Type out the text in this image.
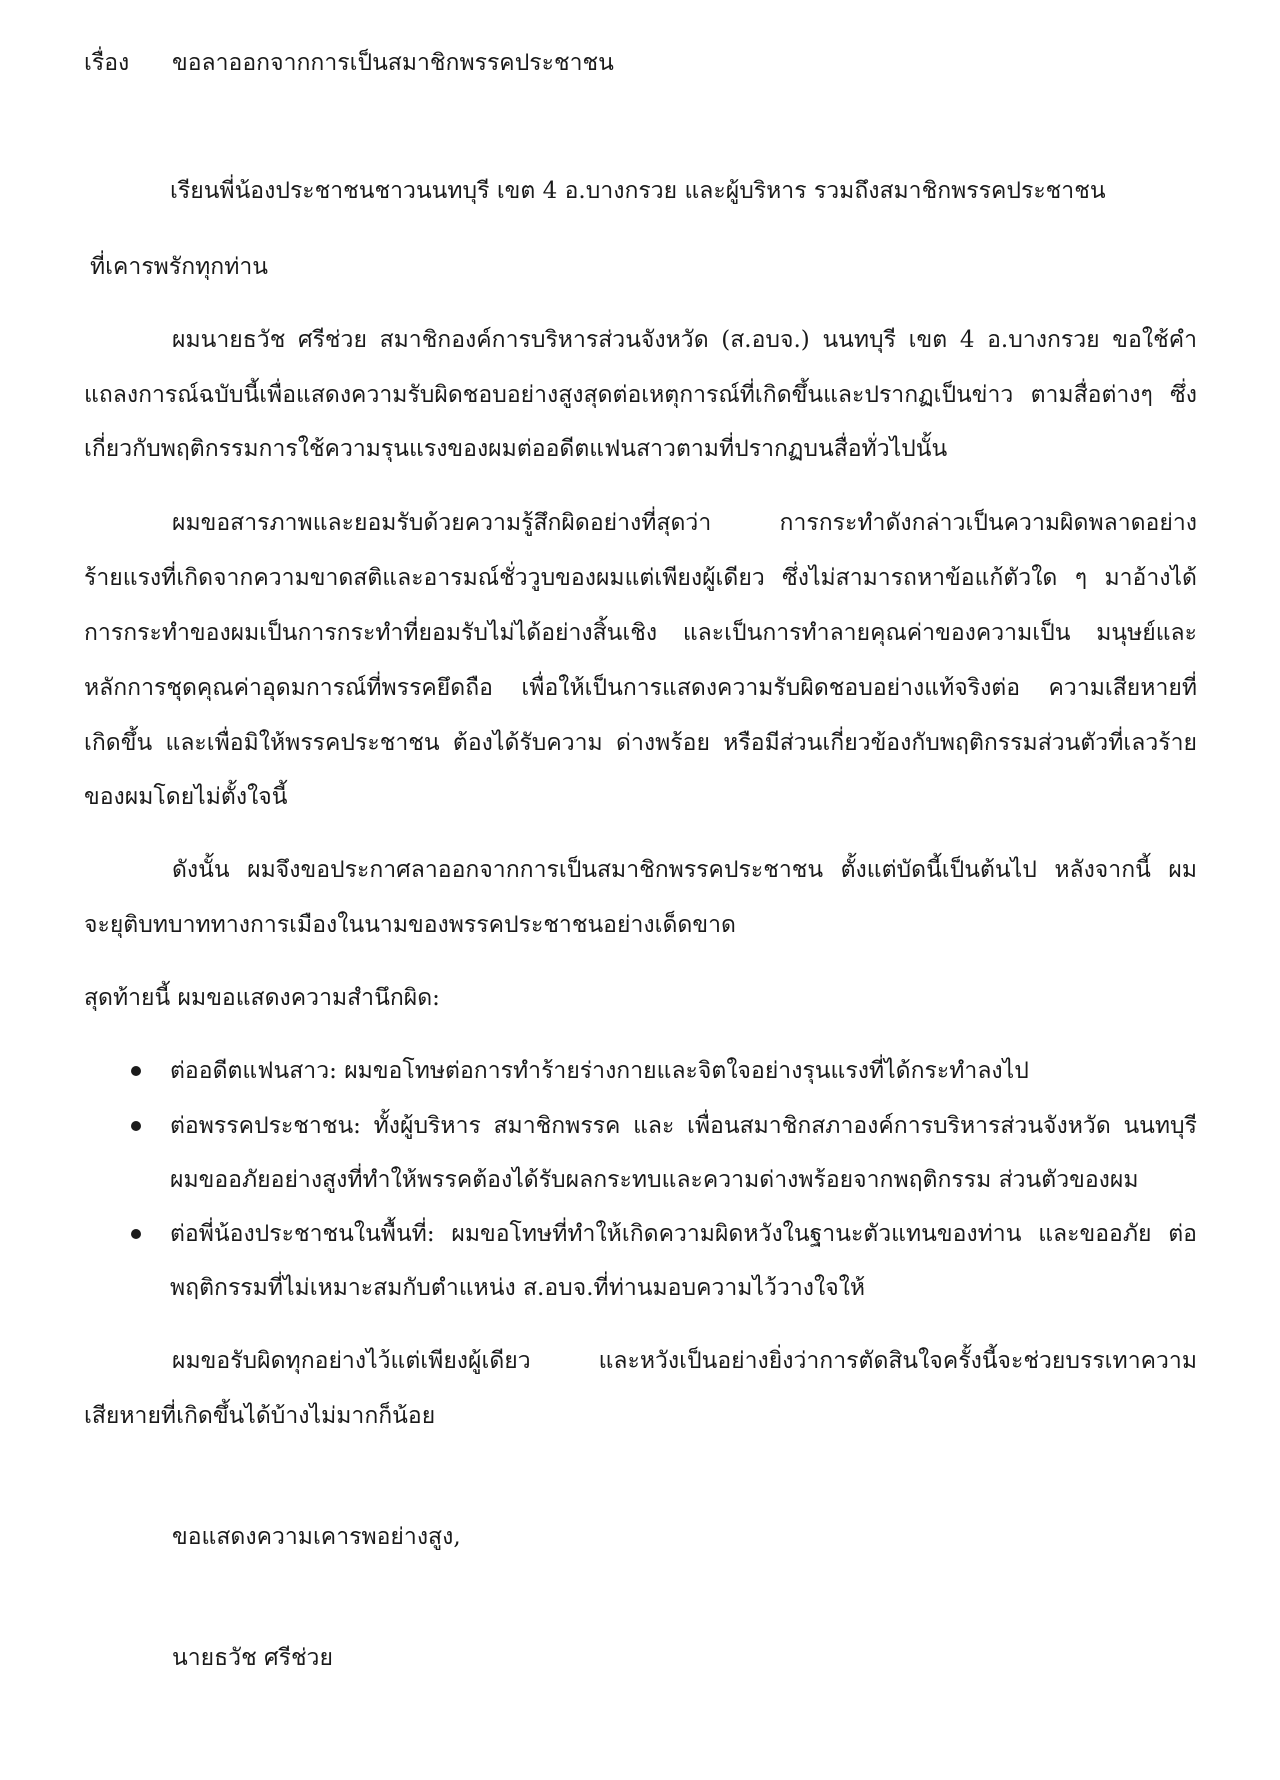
เรื่อง ขอลาออกจากการเป็นสมาชิกพรรคประชาชน
เรียนพี่น้องประชาชนชาวนนทบุรี เขต 4 อ.บางกรวย และผู้บริหาร รวมถึงสมาชิกพรรคประชาชน
ที่เคารพรักทุกท่าน
ผมนายธวัช ศรีช่วย สมาชิกองค์การบริหารส่วนจังหวัด (ส.อบจ.) นนทบุรี เขต 4 อ.บางกรวย ขอใช้คำ
แถลงการณ์ฉบับนี้เพื่อแสดงความรับผิดชอบอย่างสูงสุดต่อเหตุการณ์ที่เกิดขึ้นและปรากฏเป็นข่าว ตามสื่อต่างๆ ซึ่ง
เกี่ยวกับพฤติกรรมการใช้ความรุนแรงของผมต่ออดีตแฟนสาวตามที่ปรากฏบนสื่อทั่วไปนั้น
ผมขอสารภาพและยอมรับด้วยความรู้สึกผิดอย่างที่สุดว่า การกระทำดังกล่าวเป็นความผิดพลาดอย่าง
ร้ายแรงที่เกิดจากความขาดสติและอารมณ์ชั่ววูบของผมแต่เพียงผู้เดียว ซึ่งไม่สามารถหาข้อแก้ตัวใด ๆ มาอ้างได้
การกระทำของผมเป็นการกระทำที่ยอมรับไม่ได้อย่างสิ้นเชิง และเป็นการทำลายคุณค่าของความเป็น มนุษย์และ
หลักการชุดคุณค่าอุดมการณ์ที่พรรคยึดถือ เพื่อให้เป็นการแสดงความรับผิดชอบอย่างแท้จริงต่อ ความเสียหายที่
เกิดขึ้น และเพื่อมิให้พรรคประชาชน ต้องได้รับความ ด่างพร้อย หรือมีส่วนเกี่ยวข้องกับพฤติกรรมส่วนตัวที่เลวร้าย
ของผมโดยไม่ตั้งใจนี้
ดังนั้น ผมจึงขอประกาศลาออกจากการเป็นสมาชิกพรรคประชาชน ตั้งแต่บัดนี้เป็นต้นไป หลังจากนี้ ผม
จะยุติบทบาททางการเมืองในนามของพรรคประชาชนอย่างเด็ดขาด
สุดท้ายนี้ ผมขอแสดงความสำนึกผิด:
ต่ออดีตแฟนสาว: ผมขอโทษต่อการทำร้ายร่างกายและจิตใจอย่างรุนแรงที่ได้กระทำลงไป
ต่อพรรคประชาชน: ทั้งผู้บริหาร สมาชิกพรรค และ เพื่อนสมาชิกสภาองค์การบริหารส่วนจังหวัด นนทบุรี
ผมขออภัยอย่างสูงที่ทำให้พรรคต้องได้รับผลกระทบและความด่างพร้อยจากพฤติกรรม ส่วนตัวของผม
ต่อพี่น้องประชาชนในพื้นที่: ผมขอโทษที่ทำให้เกิดความผิดหวังในฐานะตัวแทนของท่าน และขออภัย ต่อ
พฤติกรรมที่ไม่เหมาะสมกับตำแหน่ง ส.อบจ.ที่ท่านมอบความไว้วางใจให้
ผมขอรับผิดทุกอย่างไว้แต่เพียงผู้เดียว และหวังเป็นอย่างยิ่งว่าการตัดสินใจครั้งนี้จะช่วยบรรเทาความ
เสียหายที่เกิดขึ้นได้บ้างไม่มากก็น้อย
ขอแสดงความเคารพอย่างสูง,
นายธวัช ศรีช่วย
